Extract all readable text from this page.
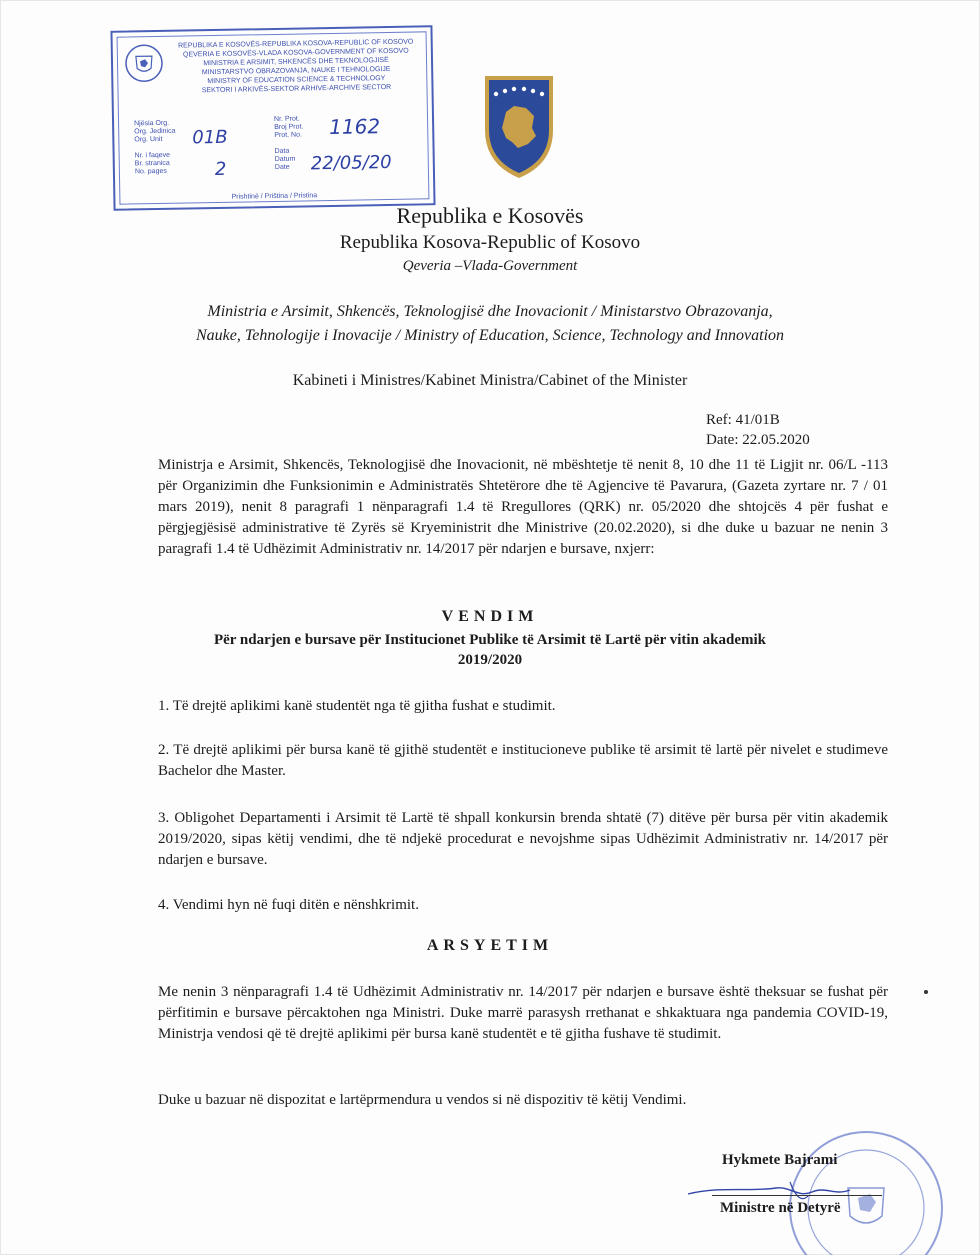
REPUBLIKA E KOSOVËS-REPUBLIKA KOSOVA-REPUBLIC OF KOSOVO
QEVERIA E KOSOVËS-VLADA KOSOVA-GOVERNMENT OF KOSOVO
MINISTRIA E ARSIMIT, SHKENCËS DHE TEKNOLOGJISË
MINISTARSTVO OBRAZOVANJA, NAUKE I TEHNOLOGIJE
MINISTRY OF EDUCATION SCIENCE & TECHNOLOGY
SEKTORI I ARKIVËS-SEKTOR ARHIVE-ARCHIVE SECTOR
Njësia Org.
Org. Jedinica
Org. Unit
Nr. i faqeve
Br. stranica
No. pages
Nr. Prot.
Broj Prot.
Prot. No.
Data
Datum
Date
01B	1162
2	22/05/20
Prishtinë / Priština / Pristina
Republika e Kosovës
Republika Kosova-Republic of Kosovo
Qeveria –Vlada-Government
Ministria e Arsimit, Shkencës, Teknologjisë dhe Inovacionit / Ministarstvo Obrazovanja,
Nauke, Tehnologije i Inovacije / Ministry of Education, Science, Technology and Innovation
Kabineti i Ministres/Kabinet Ministra/Cabinet of the Minister
Ref: 41/01B
Date: 22.05.2020
Ministrja e Arsimit, Shkencës, Teknologjisë dhe Inovacionit, në mbështetje të nenit 8, 10 dhe 11 të Ligjit nr. 06/L -113 për Organizimin dhe Funksionimin e Administratës Shtetërore dhe të Agjencive të Pavarura, (Gazeta zyrtare nr. 7 / 01 mars 2019), nenit 8 paragrafi 1 nënparagrafi 1.4 të Rregullores (QRK) nr. 05/2020 dhe shtojcës 4 për fushat e përgjegjësisë administrative të Zyrës së Kryeministrit dhe Ministrive (20.02.2020), si dhe duke u bazuar ne nenin 3 paragrafi 1.4 të Udhëzimit Administrativ nr. 14/2017 për ndarjen e bursave, nxjerr:
VENDIM
Për ndarjen e bursave për Institucionet Publike të Arsimit të Lartë për vitin akademik 2019/2020
1. Të drejtë aplikimi kanë studentët nga të gjitha fushat e studimit.
2. Të drejtë aplikimi për bursa kanë të gjithë studentët e institucioneve publike të arsimit të lartë për nivelet e studimeve Bachelor dhe Master.
3. Obligohet Departamenti i Arsimit të Lartë të shpall konkursin brenda shtatë (7) ditëve për bursa për vitin akademik 2019/2020, sipas këtij vendimi, dhe të ndjekë procedurat e nevojshme sipas Udhëzimit Administrativ nr. 14/2017 për ndarjen e bursave.
4. Vendimi hyn në fuqi ditën e nënshkrimit.
ARSYETIM
Me nenin 3 nënparagrafi 1.4 të Udhëzimit Administrativ nr. 14/2017 për ndarjen e bursave është theksuar se fushat për përfitimin e bursave përcaktohen nga Ministri. Duke marrë parasysh rrethanat e shkaktuara nga pandemia COVID-19, Ministrja vendosi që të drejtë aplikimi për bursa kanë studentët e të gjitha fushave të studimit.
Duke u bazuar në dispozitat e lartëprmendura u vendos si në dispozitiv të këtij Vendimi.
Hykmete Bajrami
Ministre në Detyrë
